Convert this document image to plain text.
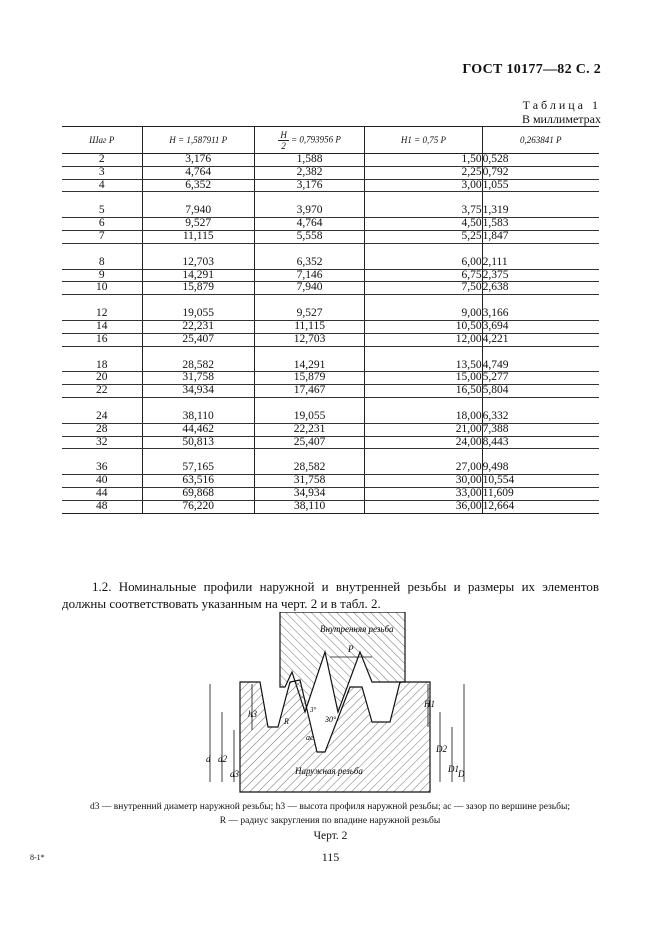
ГОСТ 10177—82 С. 2
Таблица 1
В миллиметрах
Шаг P	H = 1,587911 P	$\frac{H}{2} = 0,793956$ P	H1 = 0,75 P	0,263841 P
2	3,176	1,588	1,50	0,528
3	4,764	2,382	2,25	0,792
4	6,352	3,176	3,00	1,055

5	7,940	3,970	3,75	1,319
6	9,527	4,764	4,50	1,583
7	11,115	5,558	5,25	1,847

8	12,703	6,352	6,00	2,111
9	14,291	7,146	6,75	2,375
10	15,879	7,940	7,50	2,638

12	19,055	9,527	9,00	3,166
14	22,231	11,115	10,50	3,694
16	25,407	12,703	12,00	4,221

18	28,582	14,291	13,50	4,749
20	31,758	15,879	15,00	5,277
22	34,934	17,467	16,50	5,804

24	38,110	19,055	18,00	6,332
28	44,462	22,231	21,00	7,388
32	50,813	25,407	24,00	8,443

36	57,165	28,582	27,00	9,498
40	63,516	31,758	30,00	10,554
44	69,868	34,934	33,00	11,609
48	76,220	38,110	36,00	12,664
1.2. Номинальные профили наружной и внутренней резьбы и размеры их элементов должны соответствовать указанным на черт. 2 и в табл. 2.
Внутренняя резьба
Наружная резьба
P
30°
3°
d d2
d3
h3
R
ac
H1
D2
D1 D
d3 — внутренний диаметр наружной резьбы; h3 — высота профиля наружной резьбы; ac — зазор по вершине резьбы; R — радиус закругления по впадине наружной резьбы
Черт. 2
8-1*	115
